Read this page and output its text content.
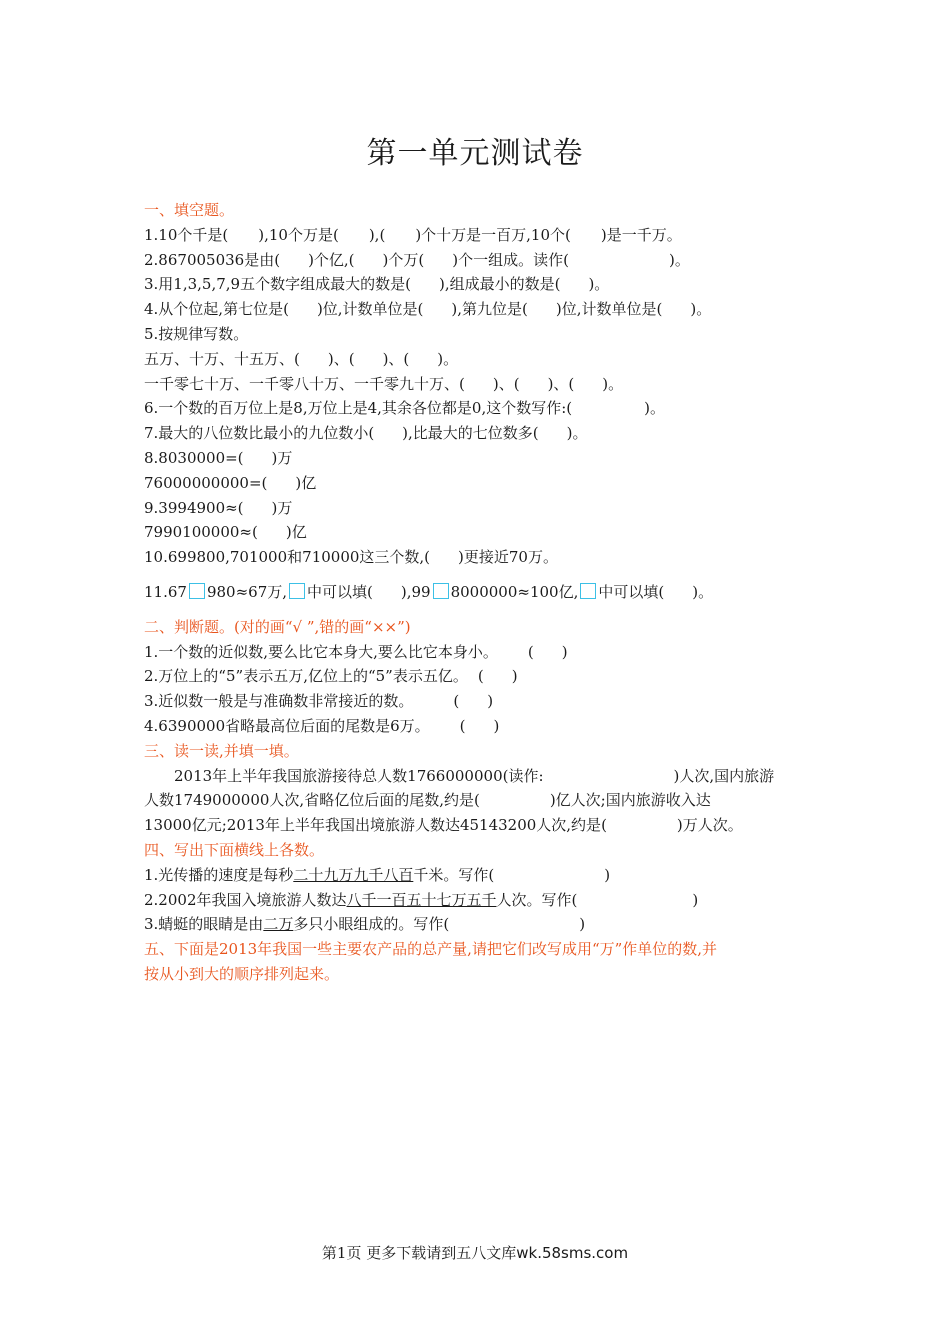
第一单元测试卷
一、填空题。
1.10个千是( ),10个万是( ),( )个十万是一百万,10个( )是一千万。
2.867005036是由( )个亿,( )个万( )个一组成。读作(	)。
3.用1,3,5,7,9五个数字组成最大的数是( ),组成最小的数是( )。
4.从个位起,第七位是( )位,计数单位是( ),第九位是( )位,计数单位是( )。
5.按规律写数。
五万、十万、十五万、( )、( )、( )。
一千零七十万、一千零八十万、一千零九十万、( )、( )、( )。
6.一个数的百万位上是8,万位上是4,其余各位都是0,这个数写作:(	)。
7.最大的八位数比最小的九位数小( ),比最大的七位数多( )。
8.8030000=( )万
76000000000=( )亿
9.3994900≈( )万
7990100000≈( )亿
10.699800,701000和710000这三个数,( )更接近70万。
11.67 980≈67万, 中可以填( ),99 8000000≈100亿, 中可以填( )。
二、判断题。(对的画“√ ”,错的画“××”)
1.一个数的近似数,要么比它本身大,要么比它本身小。 ( )
2.万位上的“5”表示五万,亿位上的“5”表示五亿。 ( )
3.近似数一般是与准确数非常接近的数。	( )
4.6390000省略最高位后面的尾数是6万。 ( )
三、读一读,并填一填。
2013年上半年我国旅游接待总人数1766000000(读作:	)人次,国内旅游
人数1749000000人次,省略亿位后面的尾数,约是(	)亿人次;国内旅游收入达
13000亿元;2013年上半年我国出境旅游人数达45143200人次,约是(	)万人次。
四、写出下面横线上各数。
1.光传播的速度是每秒二十九万九千八百千米。写作(	)
2.2002年我国入境旅游人数达八千一百五十七万五千人次。写作(	)
3.蜻蜓的眼睛是由二万多只小眼组成的。写作(	)
五、下面是2013年我国一些主要农产品的总产量,请把它们改写成用“万”作单位的数,并
按从小到大的顺序排列起来。
第1页 更多下载请到五八文库wk.58sms.com
